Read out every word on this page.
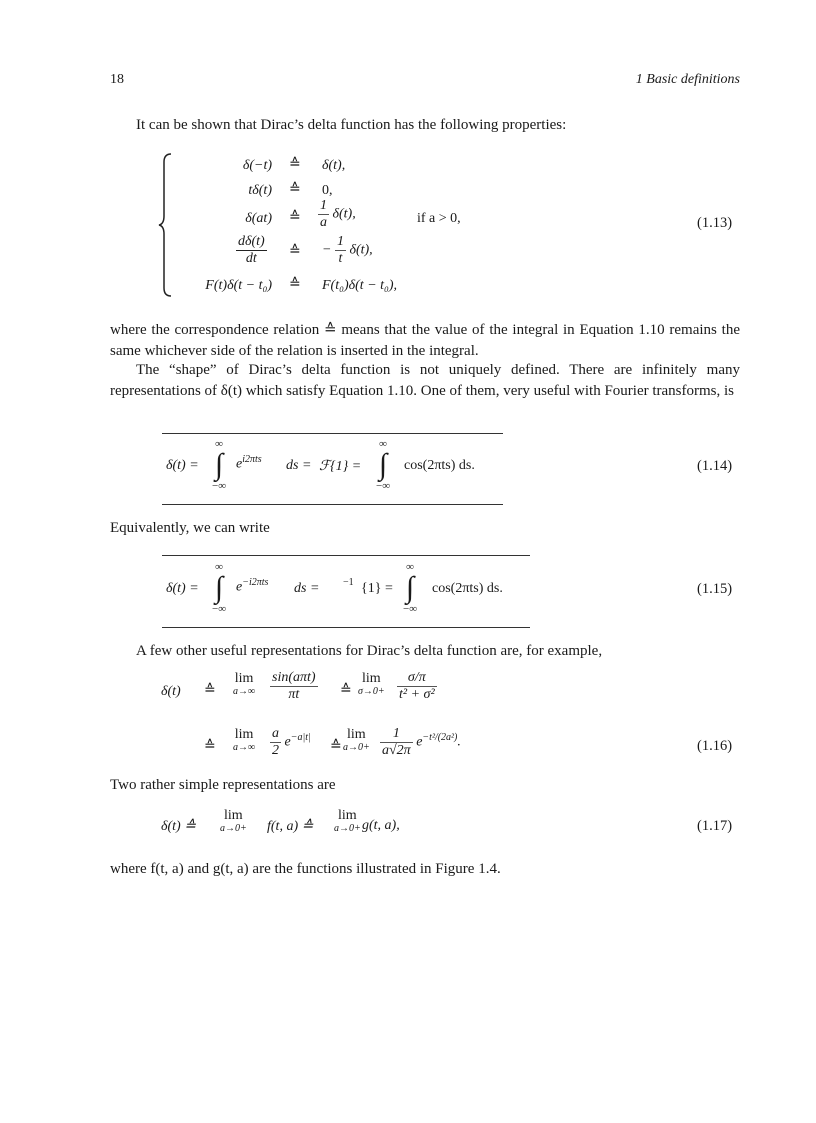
18	1 Basic definitions
It can be shown that Dirac’s delta function has the following properties:
δ(−t) ≙ δ(t),
tδ(t) ≙ 0,
δ(at) ≙ $\frac{1}{a} \delta(t)$,	if a > 0,
$\frac{d\delta(t)}{dt}$ ≙ − $\frac{1}{t} \delta(t)$,
F(t)δ(t − t₀) ≙ F(t₀)δ(t − t₀),
(1.13)
where the correspondence relation ≙ means that the value of the integral in Equation 1.10 remains the same whichever side of the relation is inserted in the integral.
The “shape” of Dirac’s delta function is not uniquely defined. There are infinitely many representations of δ(t) which satisfy Equation 1.10. One of them, very useful with Fourier transforms, is
δ(t) =
∞
∫
−∞
$e^{i2\pi ts}$ ds = ℱ{1} =
∞
∫
−∞
cos(2πts) ds.	(1.14)
Equivalently, we can write
δ(t) =
∞
∫
−∞
$e^{-i2\pi ts}$ ds = $^{-1}$ {1} =
∞
∫
−∞
cos(2πts) ds.	(1.15)
A few other useful representations for Dirac’s delta function are, for example,
δ(t) ≙
lim
$a\to\infty \frac{\text{sin(aπt)}}{\pi t}$ ≙
lim
$\sigma\to 0+ \frac{\sigma/\pi}{\text{t² + σ²}}$
≙
lim
$a\to\infty \frac{a}{2} e^{-a|t|}$
≙
lim
$a\to 0+ \frac{1}{a√2\pi} e^{-t^2/(2a^2)}$.	(1.16)
Two rather simple representations are
δ(t) ≙
lim
a→0+ f(t, a) ≙
lim
a→0+ g(t, a),	(1.17)
where f(t, a) and g(t, a) are the functions illustrated in Figure 1.4.
